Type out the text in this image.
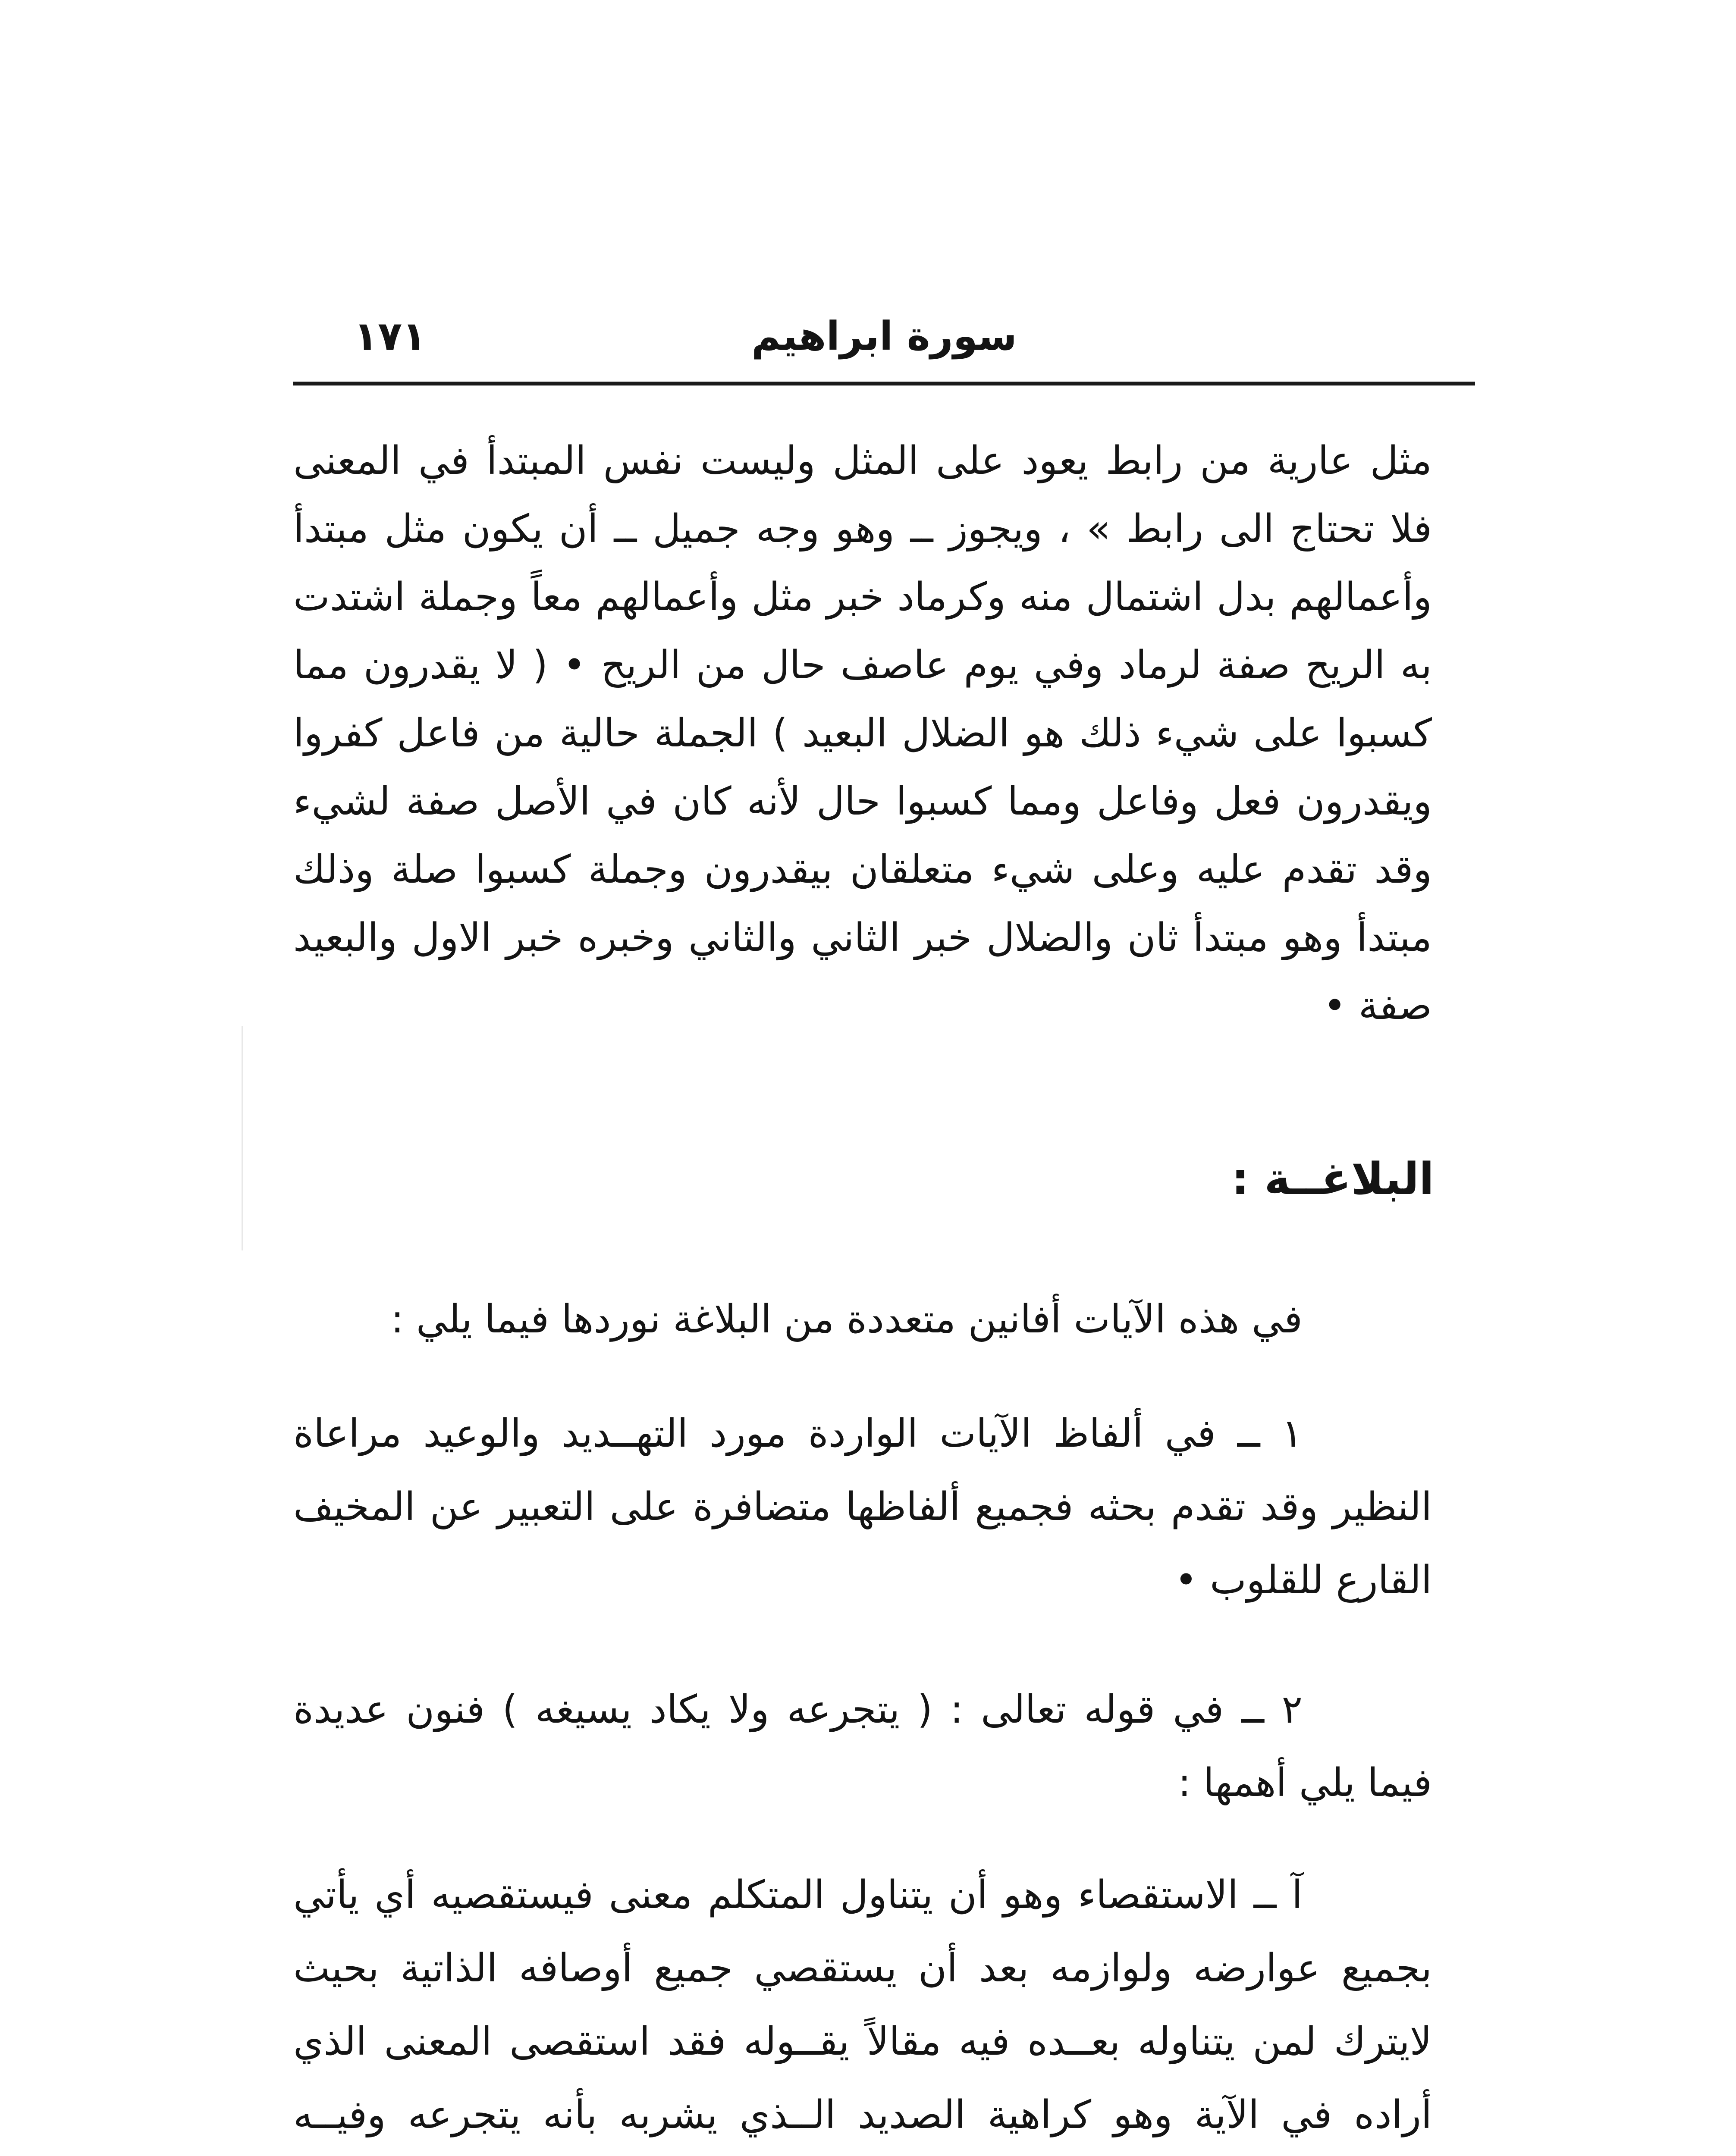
سورة ابراهيم
١٧١

مثل عارية من رابط يعود على المثل وليست نفس المبتدأ في المعنى فلا تحتاج الى رابط » ، ويجوز ــ وهو وجه جميل ــ أن يكون مثل مبتدأ وأعمالهم بدل اشتمال منه وكرماد خبر مثل وأعمالهم معاً وجملة اشتدت به الريح صفة لرماد وفي يوم عاصف حال من الريح • ( لا يقدرون مما كسبوا على شيء ذلك هو الضلال البعيد ) الجملة حالية من فاعل كفروا ويقدرون فعل وفاعل ومما كسبوا حال لأنه كان في الأصل صفة لشيء وقد تقدم عليه وعلى شيء متعلقان بيقدرون وجملة كسبوا صلة وذلك مبتدأ وهو مبتدأ ثان والضلال خبر الثاني والثاني وخبره خبر الاول والبعيد صفة •

البلاغــة :

في هذه الآيات أفانين متعددة من البلاغة نوردها فيما يلي :

١ ــ في ألفاظ الآيات الواردة مورد التهــديد والوعيد مراعاة النظير وقد تقدم بحثه فجميع ألفاظها متضافرة على التعبير عن المخيف القارع للقلوب •

٢ ــ في قوله تعالى : ( يتجرعه ولا يكاد يسيغه ) فنون عديدة فيما يلي أهمها :

آ ــ الاستقصاء وهو أن يتناول المتكلم معنى فيستقصيه أي يأتي بجميع عوارضه ولوازمه بعد أن يستقصي جميع أوصافه الذاتية بحيث لايترك لمن يتناوله بعــده فيه مقالاً يقــوله فقد استقصى المعنى الذي أراده في الآية وهو كراهية الصديد الــذي يشربه بأنه يتجرعه وفيــه
